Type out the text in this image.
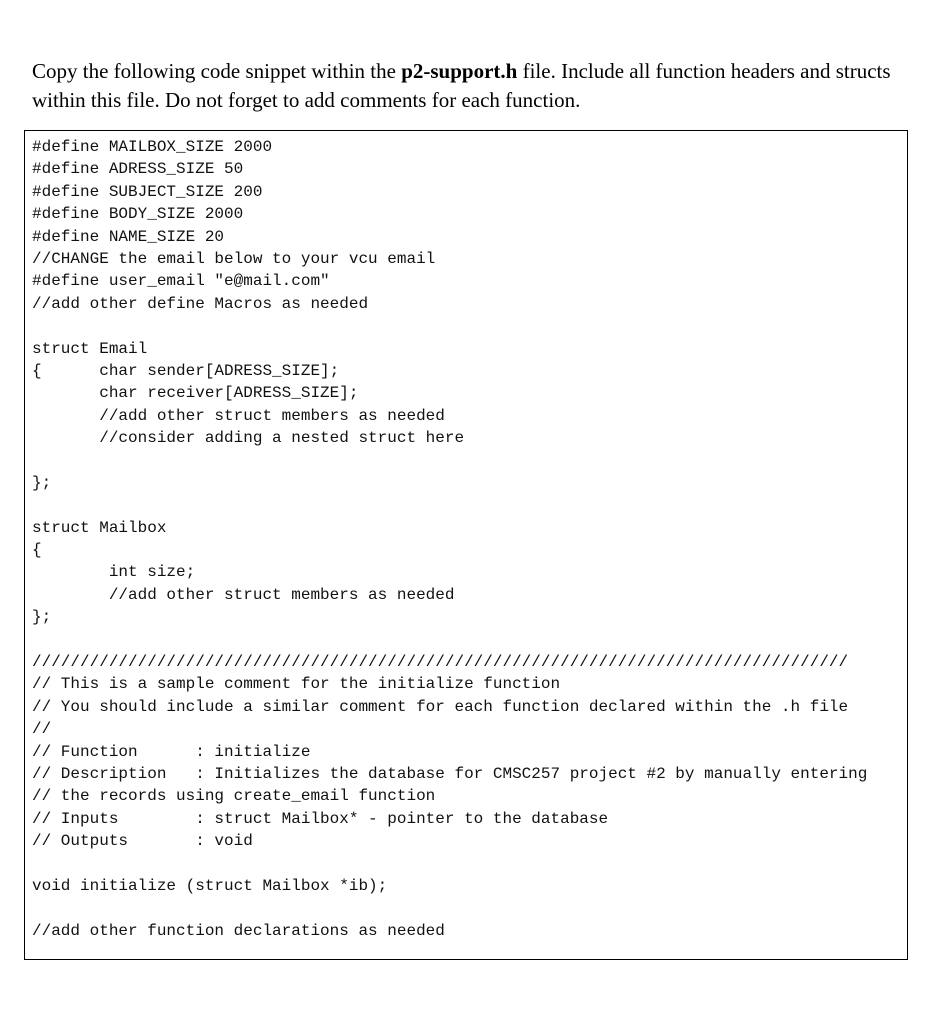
Copy the following code snippet within the p2-support.h file. Include all function headers and structs within this file. Do not forget to add comments for each function.

#define MAILBOX_SIZE 2000
#define ADRESS_SIZE 50
#define SUBJECT_SIZE 200
#define BODY_SIZE 2000
#define NAME_SIZE 20
//CHANGE the email below to your vcu email
#define user_email "e@mail.com"
//add other define Macros as needed
struct Email
{      char sender[ADRESS_SIZE];
char receiver[ADRESS_SIZE];
//add other struct members as needed
//consider adding a nested struct here
};
struct Mailbox
{
int size;
//add other struct members as needed
};
/////////////////////////////////////////////////////////////////////////////////////
// This is a sample comment for the initialize function
// You should include a similar comment for each function declared within the .h file
//
// Function      : initialize
// Description   : Initializes the database for CMSC257 project #2 by manually entering
// the records using create_email function
// Inputs        : struct Mailbox* - pointer to the database
// Outputs       : void
void initialize (struct Mailbox *ib);
//add other function declarations as needed
